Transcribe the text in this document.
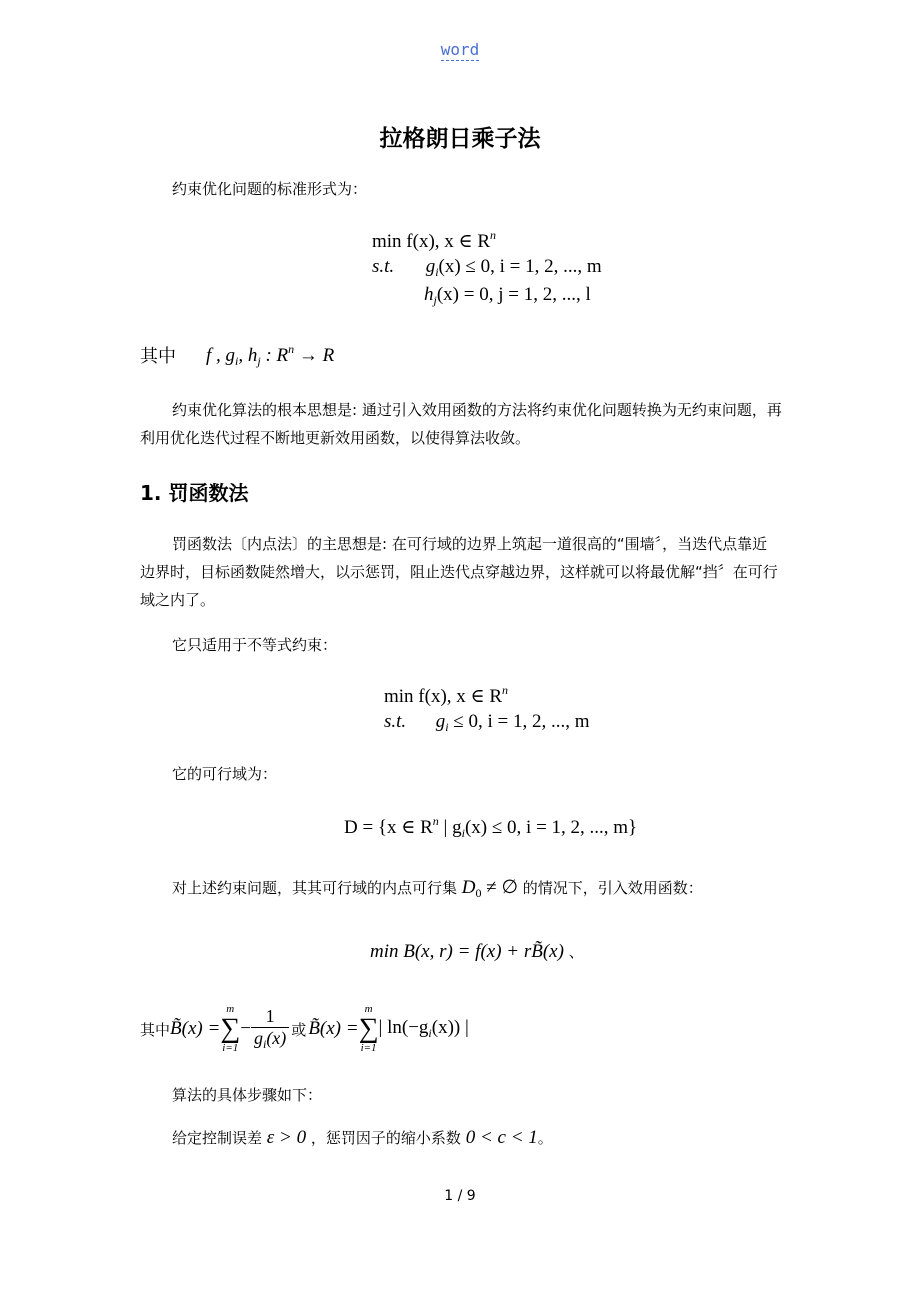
word
拉格朗日乘子法
约束优化问题的标准形式为：
min f(x), x ∈ $R^n$
s.t. $g_i(x) \le 0$, i = 1, 2, ..., m
$h_j(x) = 0$, j = 1, 2, ..., l
其中 f , $g_i$, $h_j$ : $R^n \to R$
约束优化算法的根本思想是: 通过引入效用函数的方法将约束优化问题转换为无约束问题，再利用优化迭代过程不断地更新效用函数，以使得算法收敛。
1. 罚函数法
罚函数法〔内点法〕的主思想是: 在可行域的边界上筑起一道很高的“围墙〞，当迭代点靠近边界时，目标函数陡然增大，以示惩罚，阻止迭代点穿越边界，这样就可以将最优解“挡〞在可行域之内了。
它只适用于不等式约束：
min f(x), x ∈ $R^n$
s.t. $g_i \le 0$, i = 1, 2, ..., m
它的可行域为：
D = {x ∈ $R^n$ | $g_i(x) \le 0$, i = 1, 2, ..., m}
对上述约束问题，其其可行域的内点可行集 $D_0$ ≠ ∅ 的情况下，引入效用函数：
min B(x, r) = f(x) + rB̃(x) 、
其中 B̃(x) =
m
∑
i=1
− $\frac{1}{g_i(x)}$ 或 B̃(x) =
m
∑
i=1
| $\ln(-g_i(x))$ |
算法的具体步骤如下：
给定控制误差 ε > 0 ，惩罚因子的缩小系数 0 < c < 1。
1 / 9
